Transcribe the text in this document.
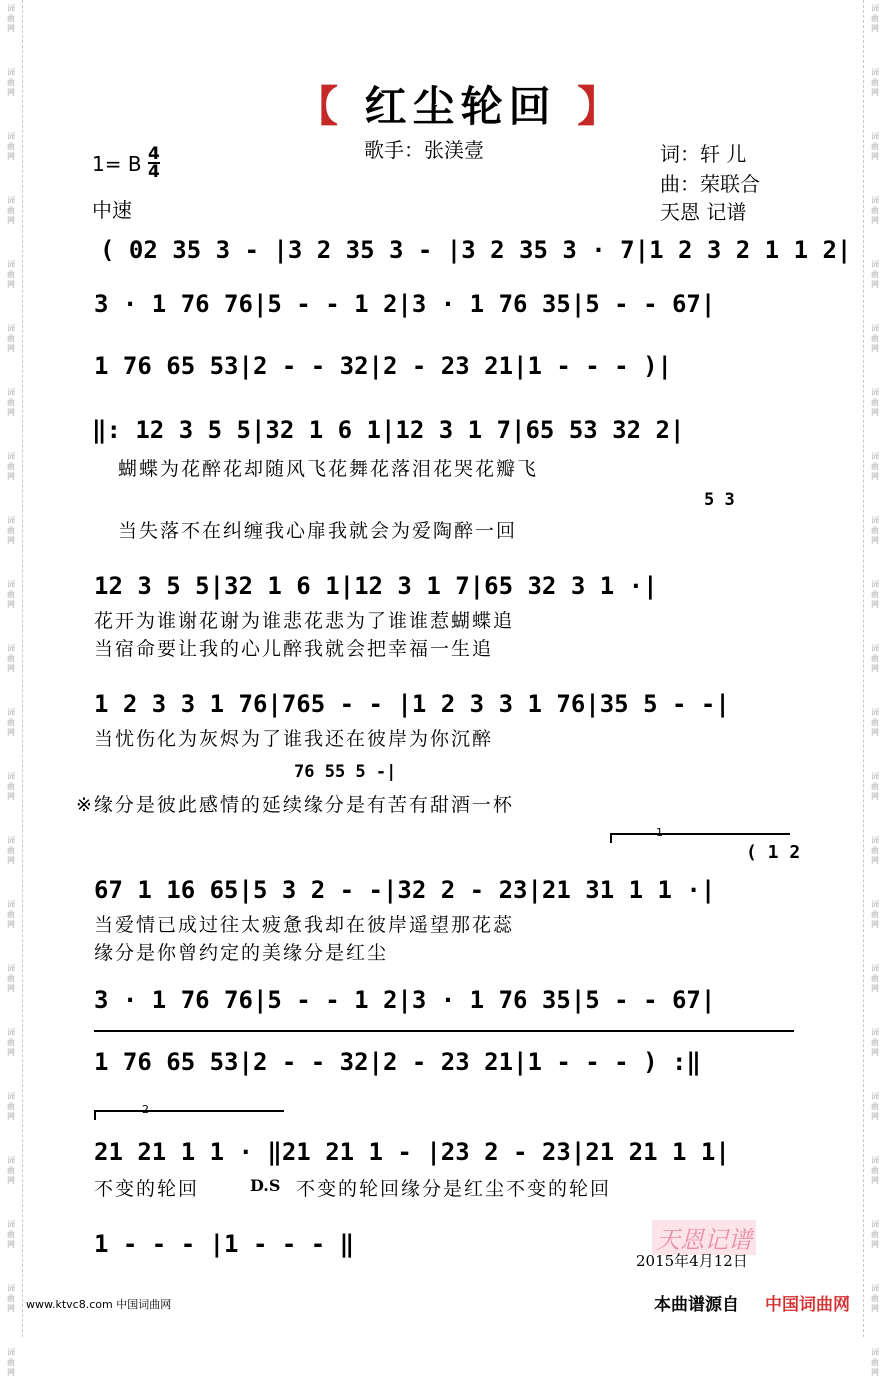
词
曲
网
词
曲
网
词
曲
网
词
曲
网
词
曲
网
词
曲
网
词
曲
网
词
曲
网
词
曲
网
词
曲
网
词
曲
网
词
曲
网
词
曲
网
词
曲
网
词
曲
网
词
曲
网
词
曲
网
词
曲
网
词
曲
网
词
曲
网
词
曲
网
词
曲
网
词
曲
网
词
曲
网
词
曲
网
词
曲
网
词
曲
网
词
曲
网
词
曲
网
词
曲
网
词
曲
网
词
曲
网
词
曲
网
词
曲
网
词
曲
网
词
曲
网
词
曲
网
词
曲
网
词
曲
网
词
曲
网
词
曲
网
词
曲
网
词
曲
网
词
曲
网
【 红尘轮回 】
歌手：张渼壹
1= B 4
4
中速
词：轩 儿
曲：荣联合
天恩 记谱
( 02 35 3 - |3 2 35 3 - |3 2 35 3 · 7|1 2 3 2 1 1 2|
3 · 1 76 76|5 - - 1 2|3 · 1 76 35|5 - - 67|
1 76 65 53|2 - - 32|2 - 23 21|1 - - - )|
‖: 12 3 5 5|32 1 6 1|12 3 1 7|65 53 32 2|
蝴蝶为花醉花却随风飞花舞花落泪花哭花瓣飞
5 3
当失落不在纠缠我心扉我就会为爱陶醉一回
12 3 5 5|32 1 6 1|12 3 1 7|65 32 3 1 ·|
花开为谁谢花谢为谁悲花悲为了谁谁惹蝴蝶追
当宿命要让我的心儿醉我就会把幸福一生追
1 2 3 3 1 76|765 - - |1 2 3 3 1 76|35 5 - -|
当忧伤化为灰烬为了谁我还在彼岸为你沉醉
76 55 5 -|
※缘分是彼此感情的延续缘分是有苦有甜酒一杯
1
( 1 2
67 1 16 65|5 3 2 - -|32 2 - 23|21 31 1 1 ·|
当爱情已成过往太疲惫我却在彼岸遥望那花蕊
缘分是你曾约定的美缘分是红尘
3 · 1 76 76|5 - - 1 2|3 · 1 76 35|5 - - 67|
1 76 65 53|2 - - 32|2 - 23 21|1 - - - ) :‖
2
21 21 1 1 · ‖21 21 1 - |23 2 - 23|21 21 1 1|
不变的轮回	D.S 不变的轮回缘分是红尘不变的轮回
1 - - - |1 - - - ‖	天恩记谱
2015年4月12日
www.ktvc8.com 中国词曲网	本曲谱源自 中国词曲网
